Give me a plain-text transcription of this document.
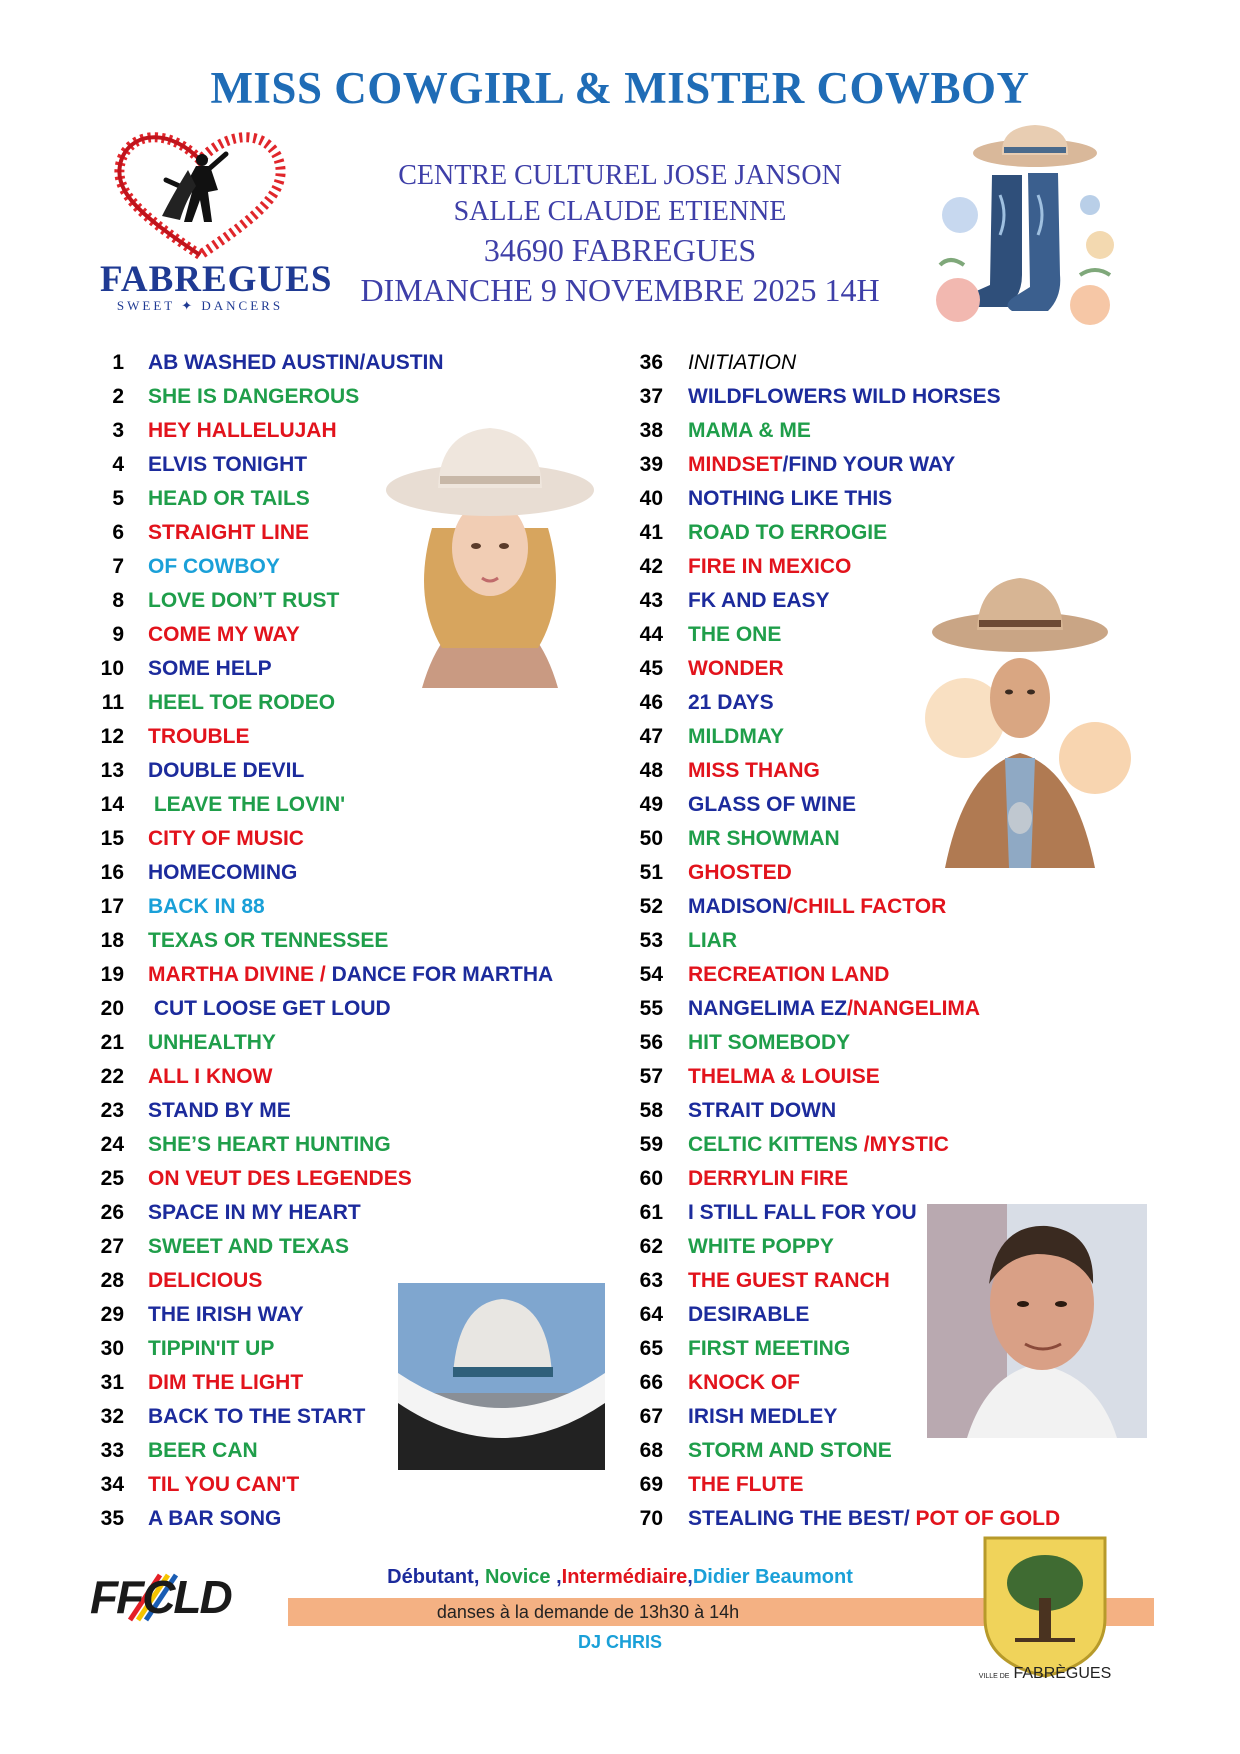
MISS COWGIRL & MISTER COWBOY
FABREGUES
SWEET ✦ DANCERS
CENTRE CULTUREL JOSE JANSON
SALLE CLAUDE ETIENNE
34690 FABREGUES
DIMANCHE 9 NOVEMBRE 2025 14H
1 AB WASHED AUSTIN/AUSTIN
2 SHE IS DANGEROUS
3 HEY HALLELUJAH
4 ELVIS TONIGHT
5 HEAD OR TAILS
6 STRAIGHT LINE
7 OF COWBOY
8 LOVE DON’T RUST
9 COME MY WAY
10 SOME HELP
11 HEEL TOE RODEO
12 TROUBLE
13 DOUBLE DEVIL
14 LEAVE THE LOVIN'
15 CITY OF MUSIC
16 HOMECOMING
17 BACK IN 88
18 TEXAS OR TENNESSEE
19 MARTHA DIVINE / DANCE FOR MARTHA
20 CUT LOOSE GET LOUD
21 UNHEALTHY
22 ALL I KNOW
23 STAND BY ME
24 SHE’S HEART HUNTING
25 ON VEUT DES LEGENDES
26 SPACE IN MY HEART
27 SWEET AND TEXAS
28 DELICIOUS
29 THE IRISH WAY
30 TIPPIN'IT UP
31 DIM THE LIGHT
32 BACK TO THE START
33 BEER CAN
34 TIL YOU CAN'T
35 A BAR SONG
36 INITIATION
37 WILDFLOWERS WILD HORSES
38 MAMA & ME
39 MINDSET/FIND YOUR WAY
40 NOTHING LIKE THIS
41 ROAD TO ERROGIE
42 FIRE IN MEXICO
43 FK AND EASY
44 THE ONE
45 WONDER
46 21 DAYS
47 MILDMAY
48 MISS THANG
49 GLASS OF WINE
50 MR SHOWMAN
51 GHOSTED
52 MADISON/CHILL FACTOR
53 LIAR
54 RECREATION LAND
55 NANGELIMA EZ/NANGELIMA
56 HIT SOMEBODY
57 THELMA & LOUISE
58 STRAIT DOWN
59 CELTIC KITTENS /MYSTIC
60 DERRYLIN FIRE
61 I STILL FALL FOR YOU
62 WHITE POPPY
63 THE GUEST RANCH
64 DESIRABLE
65 FIRST MEETING
66 KNOCK OF
67 IRISH MEDLEY
68 STORM AND STONE
69 THE FLUTE
70 STEALING THE BEST/ POT OF GOLD
FFCLD	Débutant, Novice ,Intermédiaire,Didier Beaumont
danses à la demande de 13h30 à 14h
DJ CHRIS
VILLE DE FABRÈGUES
